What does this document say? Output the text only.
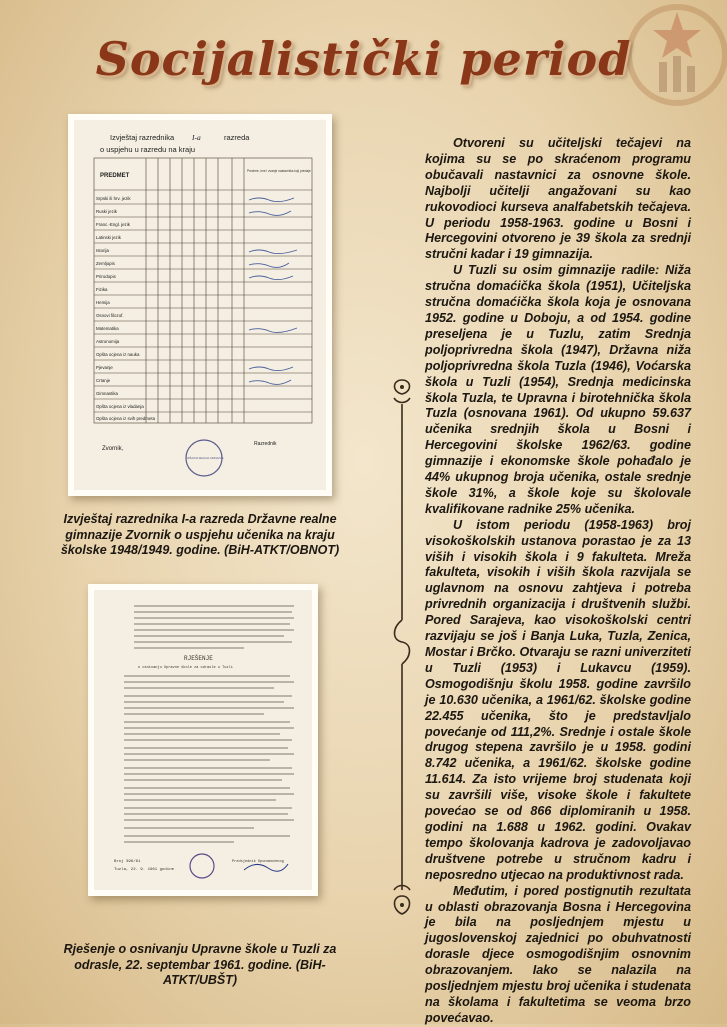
Socijalistički period
Izvještaj razrednika I-a	razreda
o uspjehu u razredu na kraju
PREDMET
Prezime, ime i zvanje nastavnika koji predaje
Srpski ili hrv. jezik
Ruski jezik
Franc.-Engl. jezik
Latinski jezik
Istorija
Zemljopis
Prirodopis
Fizika
Hemija
Osnovi filozof.
Matematika
Astronomija
Opšta ocjena iz nauka
Pjevanje
Crtanje
Gimnastika
Opšta ocjena iz vladanja
Opšta ocjena iz svih predmeta
Zvornik,
Razrednik
DRŽAVNA REALNA GIMNAZIJA
Izvještaj razrednika I-a razreda Državne realne gimnazije Zvornik o uspjehu učenika na kraju školske 1948/1949. godine. (BiH-ATKT/OBNOT)
RJEŠENJE
o osnivanju Upravne škole za odrasle u Tuzli
Broj 396/61
Tuzla, 22. 9. 1961 godine
Predsjednik Opunomoćenog
Rješenje o osnivanju Upravne škole u Tuzli za odrasle, 22. septembar 1961. godine. (BiH-ATKT/UBŠT)

Otvoreni su učiteljski tečajevi na kojima su se po skraćenom programu obučavali nastavnici za osnovne škole. Najbolji učitelji angažovani su kao rukovodioci kurseva analfabetskih tečajeva. U periodu 1958-1963. godine u Bosni i Hercegovini otvoreno je 39 škola za srednji stručni kadar i 19 gimnazija.

U Tuzli su osim gimnazije radile: Niža stručna domaćička škola (1951), Učiteljska stručna domaćička škola koja je osnovana 1952. godine u Doboju, a od 1954. godine preseljena je u Tuzlu, zatim Srednja poljoprivredna škola (1947), Državna niža poljoprivredna škola Tuzla (1946), Voćarska škola u Tuzli (1954), Srednja medicinska škola Tuzla, te Upravna i birotehnička škola Tuzla (osnovana 1961). Od ukupno 59.637 učenika srednjih škola u Bosni i Hercegovini školske 1962/63. godine gimnazije i ekonomske škole pohađalo je 44% ukupnog broja učenika, ostale srednje škole 31%, a škole koje su školovale kvalifikovane radnike 25% učenika.

U istom periodu (1958-1963) broj visokoškolskih ustanova porastao je za 13 viših i visokih škola i 9 fakulteta. Mreža fakulteta, visokih i viših škola razvijala se uglavnom na osnovu zahtjeva i potreba privrednih organizacija i društvenih službi. Pored Sarajeva, kao visokoškolski centri razvijaju se još i Banja Luka, Tuzla, Zenica, Mostar i Brčko. Otvaraju se razni univerziteti u Tuzli (1953) i Lukavcu (1959). Osmogodišnju školu 1958. godine završilo je 10.630 učenika, a 1961/62. školske godine 22.455 učenika, što je predstavljalo povećanje od 111,2%. Srednje i ostale škole drugog stepena završilo je u 1958. godini 8.742 učenika, a 1961/62. školske godine 11.614. Za isto vrijeme broj studenata koji su završili više, visoke škole i fakultete povećao se od 866 diplomiranih u 1958. godini na 1.688 u 1962. godini. Ovakav tempo školovanja kadrova je zadovoljavao društvene potrebe u stručnom kadru i neposredno utjecao na produktivnost rada.

Međutim, i pored postignutih rezultata u oblasti obrazovanja Bosna i Hercegovina je bila na posljednjem mjestu u jugoslovenskoj zajednici po obuhvatnosti dorasle djece osmogodišnjim osnovnim obrazovanjem. Iako se nalazila na posljednjem mjestu broj učenika i studenata na školama i fakultetima se veoma brzo povećavao.
